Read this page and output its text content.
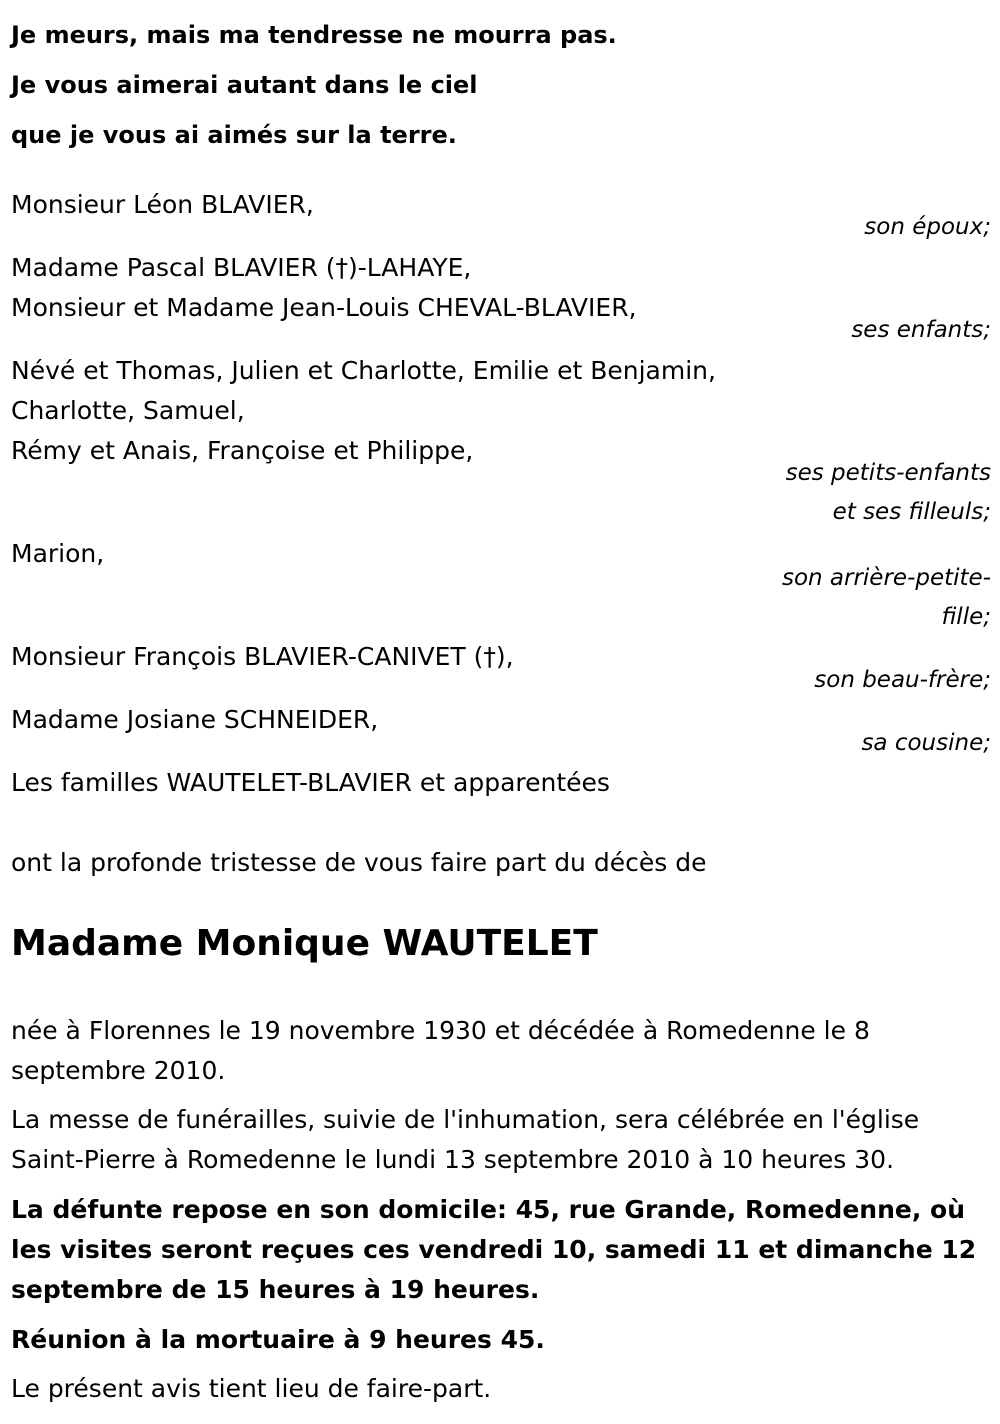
Je meurs, mais ma tendresse ne mourra pas.
Je vous aimerai autant dans le ciel
que je vous ai aimés sur la terre.
Monsieur Léon BLAVIER,
son époux;
Madame Pascal BLAVIER (†)-LAHAYE,
Monsieur et Madame Jean-Louis CHEVAL-BLAVIER,
ses enfants;
Névé et Thomas, Julien et Charlotte, Emilie et Benjamin,
Charlotte, Samuel,
Rémy et Anais, Françoise et Philippe,
ses petits-enfants
et ses filleuls;
Marion,
son arrière-petite-
fille;
Monsieur François BLAVIER-CANIVET (†),
son beau-frère;
Madame Josiane SCHNEIDER,
sa cousine;
Les familles WAUTELET-BLAVIER et apparentées
ont la profonde tristesse de vous faire part du décès de
Madame Monique WAUTELET
née à Florennes le 19 novembre 1930 et décédée à Romedenne le 8 septembre 2010.
La messe de funérailles, suivie de l'inhumation, sera célébrée en l'église Saint-Pierre à Romedenne le lundi 13 septembre 2010 à 10 heures 30.
La défunte repose en son domicile: 45, rue Grande, Romedenne, où les visites seront reçues ces vendredi 10, samedi 11 et dimanche 12 septembre de 15 heures à 19 heures.
Réunion à la mortuaire à 9 heures 45.
Le présent avis tient lieu de faire-part.
